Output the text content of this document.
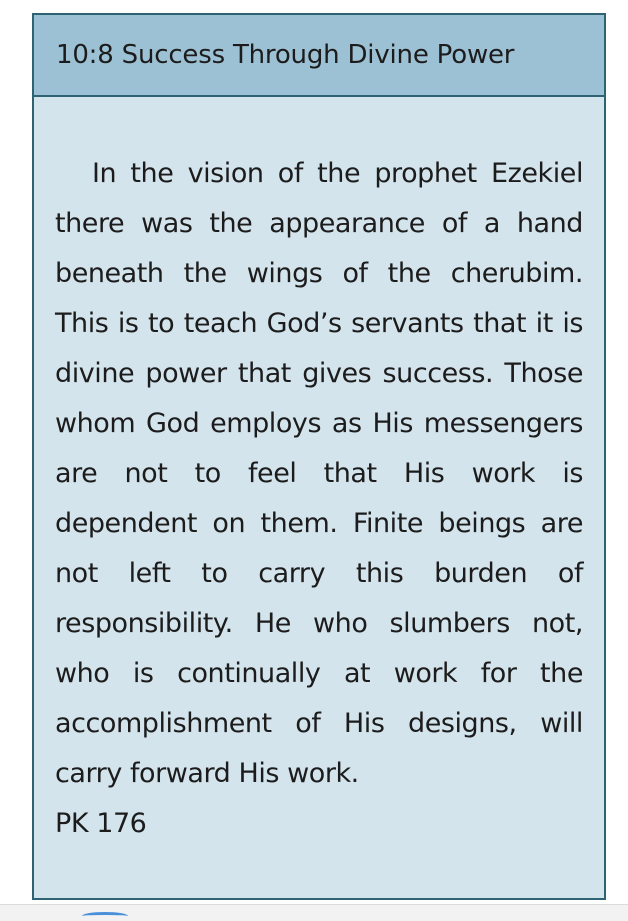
10:8 Success Through Divine Power

In the vision of the prophet Ezekiel there was the appearance of a hand beneath the wings of the cherubim. This is to teach God’s servants that it is divine power that gives success. Those whom God employs as His messengers are not to feel that His work is dependent on them. Finite beings are not left to carry this burden of responsibility. He who slumbers not, who is continually at work for the accomplishment of His designs, will carry forward His work.
PK 176
